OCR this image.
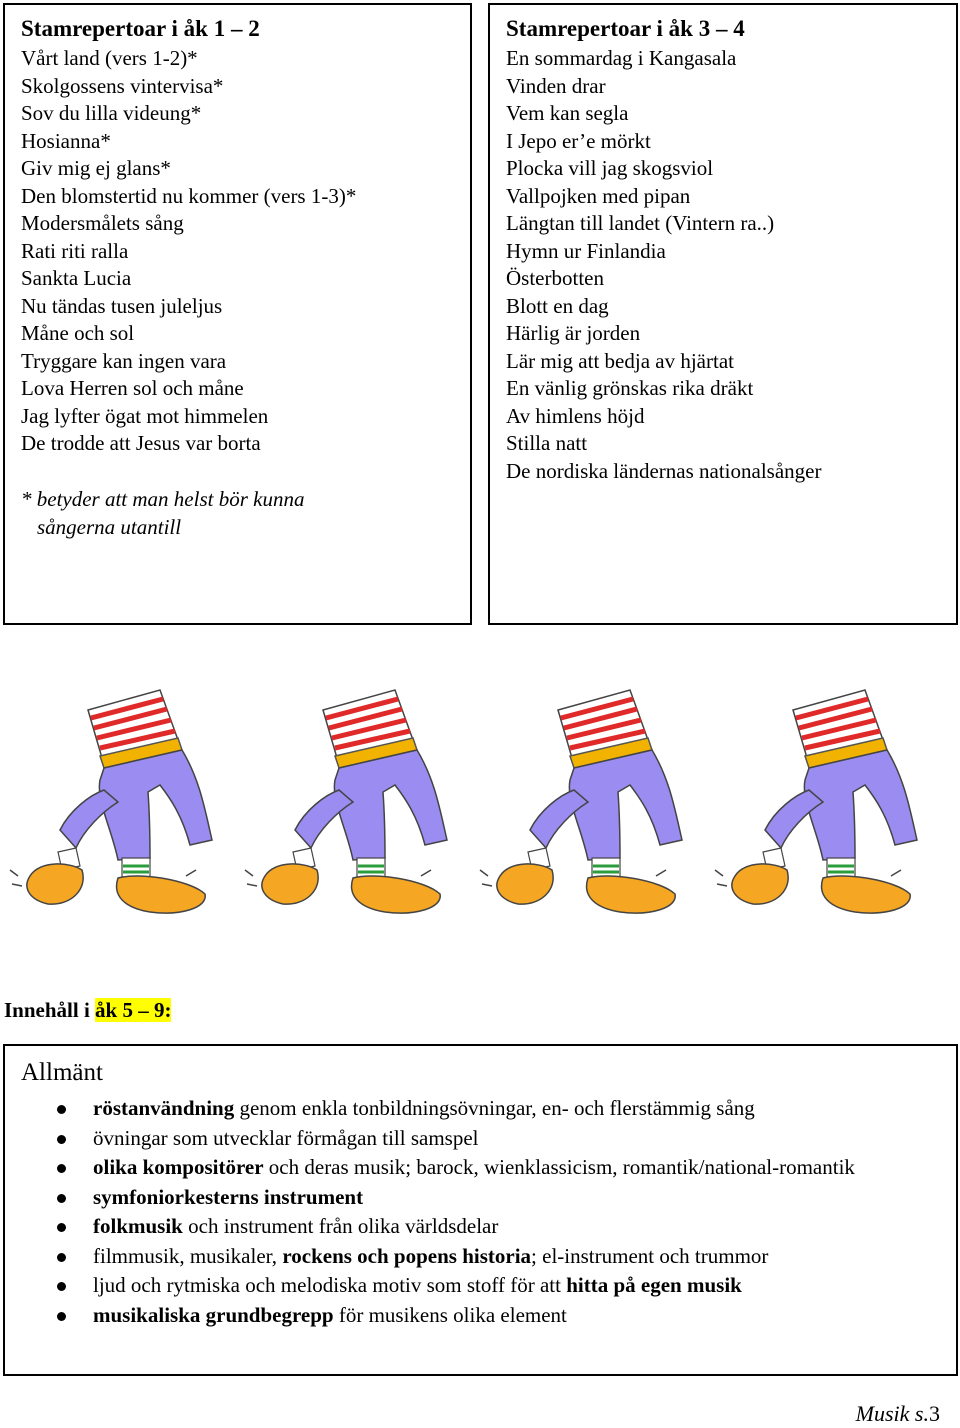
Stamrepertoar i åk 1 – 2
Vårt land (vers 1-2)*
Skolgossens vintervisa*
Sov du lilla videung*
Hosianna*
Giv mig ej glans*
Den blomstertid nu kommer (vers 1-3)*
Modersmålets sång
Rati riti ralla
Sankta Lucia
Nu tändas tusen juleljus
Måne och sol
Tryggare kan ingen vara
Lova Herren sol och måne
Jag lyfter ögat mot himmelen
De trodde att Jesus var borta
* betyder att man helst bör kunna
sångerna utantill
Stamrepertoar i åk 3 – 4
En sommardag i Kangasala
Vinden drar
Vem kan segla
I Jepo er’e mörkt
Plocka vill jag skogsviol
Vallpojken med pipan
Längtan till landet (Vintern ra..)
Hymn ur Finlandia
Österbotten
Blott en dag
Härlig är jorden
Lär mig att bedja av hjärtat
En vänlig grönskas rika dräkt
Av himlens höjd
Stilla natt
De nordiska ländernas nationalsånger
Innehåll i åk 5 – 9:
Allmänt
röstanvändning genom enkla tonbildningsövningar, en- och flerstämmig sång
övningar som utvecklar förmågan till samspel
olika kompositörer och deras musik; barock, wienklassicism, romantik/national-romantik
symfoniorkesterns instrument
folkmusik och instrument från olika världsdelar
filmmusik, musikaler, rockens och popens historia; el-instrument och trummor
ljud och rytmiska och melodiska motiv som stoff för att hitta på egen musik
musikaliska grundbegrepp för musikens olika element
Musik s.3
